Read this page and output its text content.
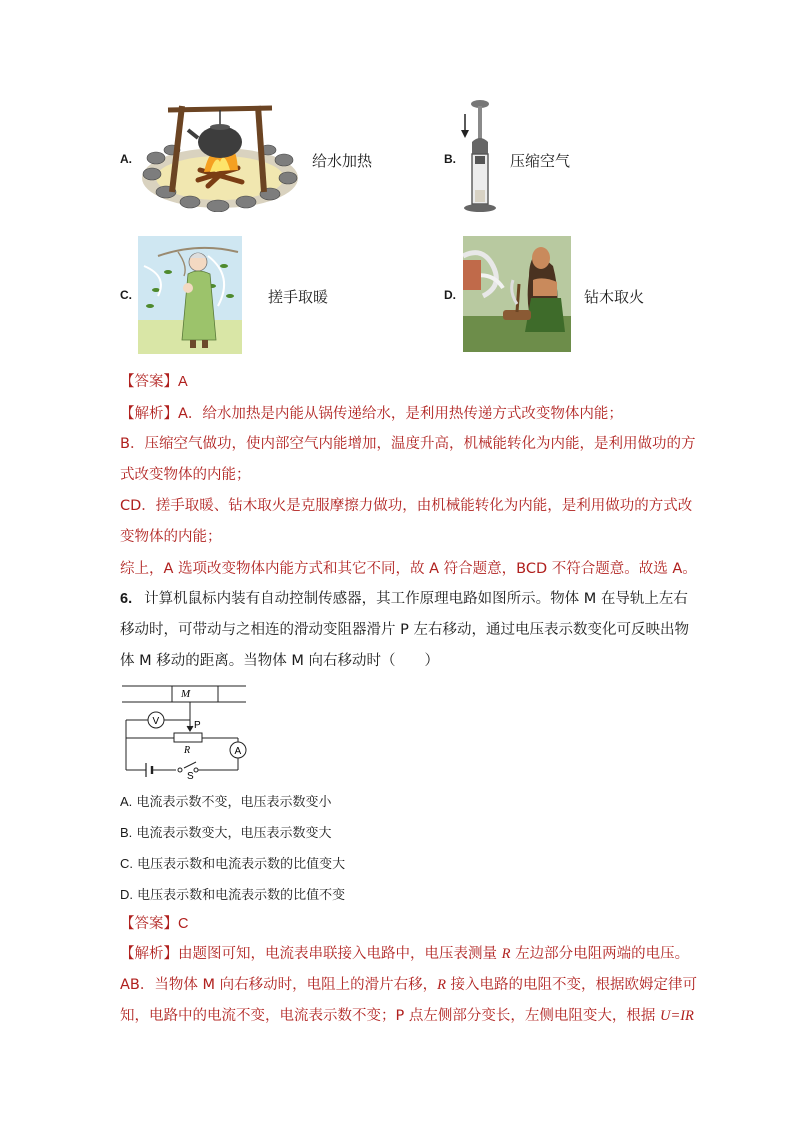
A.	给水加热	B.	压缩空气
C.	搓手取暖	D.	钻木取火
【答案】A
【解析】A．给水加热是内能从锅传递给水，是利用热传递方式改变物体内能；
B．压缩空气做功，使内部空气内能增加，温度升高，机械能转化为内能，是利用做功的方
式改变物体的内能；
CD．搓手取暖、钻木取火是克服摩擦力做功，由机械能转化为内能，是利用做功的方式改
变物体的内能；
综上，A 选项改变物体内能方式和其它不同，故 A 符合题意，BCD 不符合题意。故选 A。
6. 计算机鼠标内装有自动控制传感器，其工作原理电路如图所示。物体 M 在导轨上左右
移动时，可带动与之相连的滑动变阻器滑片 P 左右移动，通过电压表示数变化可反映出物
体 M 移动的距离。当物体 M 向右移动时（　　）
M
V	P
R	A
S
A. 电流表示数不变，电压表示数变小
B. 电流表示数变大，电压表示数变大
C. 电压表示数和电流表示数的比值变大
D. 电压表示数和电流表示数的比值不变
【答案】C
【解析】由题图可知，电流表串联接入电路中，电压表测量 R 左边部分电阻两端的电压。
AB．当物体 M 向右移动时，电阻上的滑片右移，R 接入电路的电阻不变，根据欧姆定律可
知，电路中的电流不变，电流表示数不变；P 点左侧部分变长，左侧电阻变大，根据 U=IR
